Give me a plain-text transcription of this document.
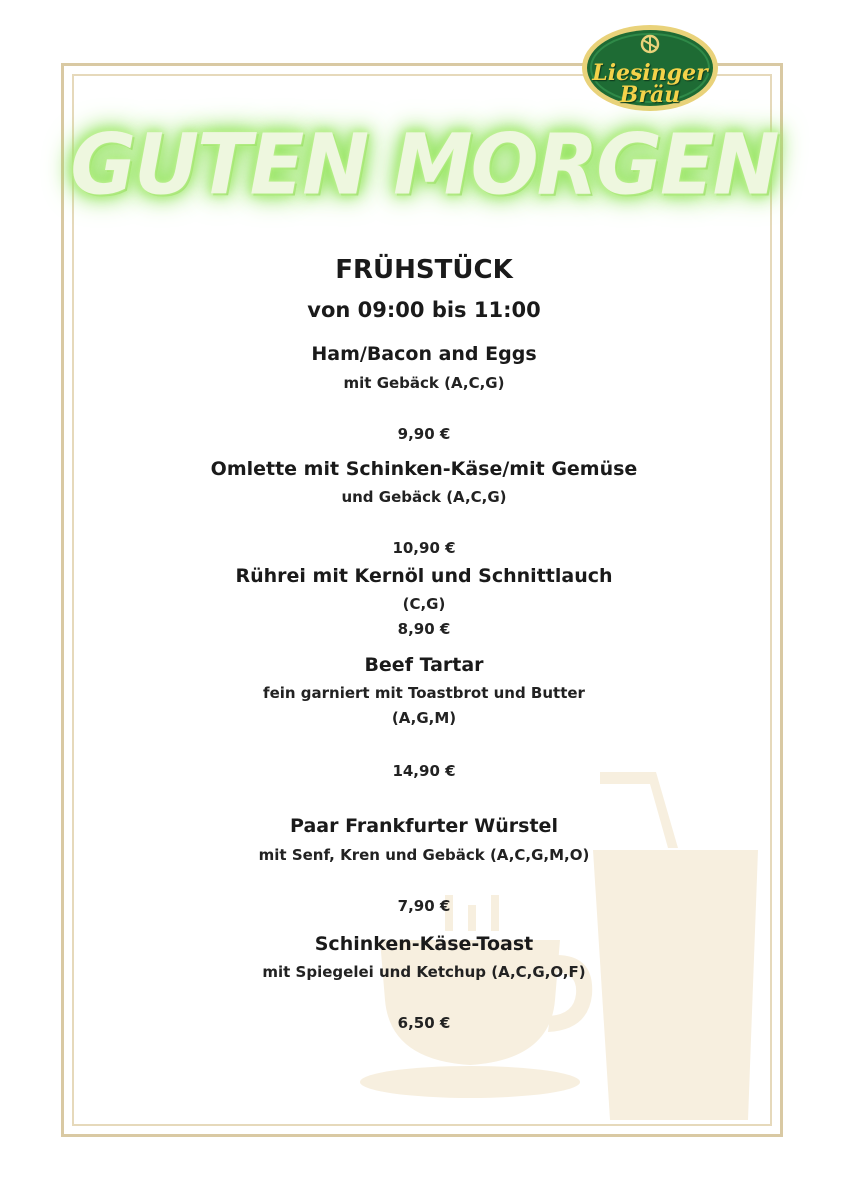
Liesinger
Bräu
GUTEN MORGEN
FRÜHSTÜCK
von 09:00 bis 11:00
Ham/Bacon and Eggs
mit Gebäck (A,C,G)
9,90 €
Omlette mit Schinken-Käse/mit Gemüse
und Gebäck (A,C,G)
10,90 €
Rührei mit Kernöl und Schnittlauch
(C,G)
8,90 €
Beef Tartar
fein garniert mit Toastbrot und Butter
(A,G,M)
14,90 €
Paar Frankfurter Würstel
mit Senf, Kren und Gebäck (A,C,G,M,O)
7,90 €
Schinken-Käse-Toast
mit Spiegelei und Ketchup (A,C,G,O,F)
6,50 €
